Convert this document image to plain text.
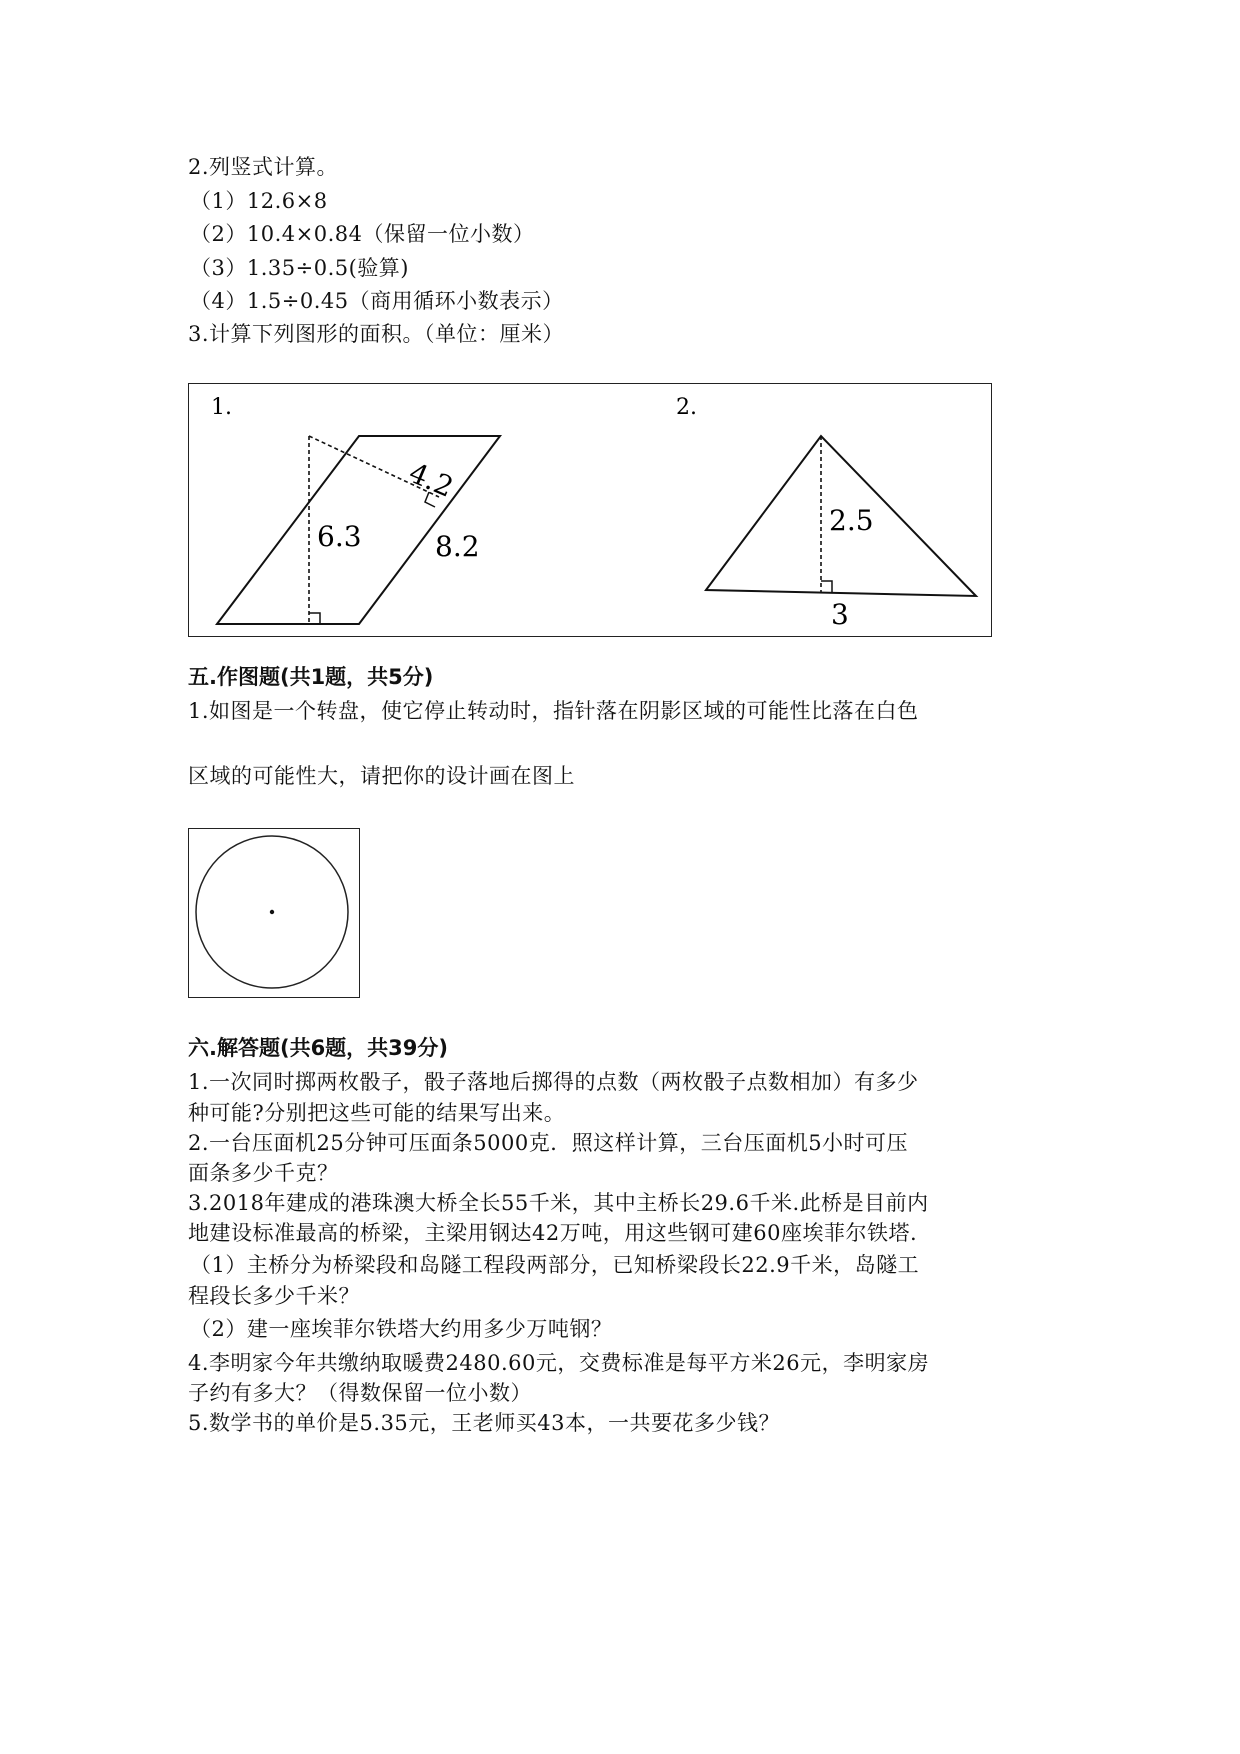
2.列竖式计算。
（1）12.6×8
（2）10.4×0.84（保留一位小数）
（3）1.35÷0.5(验算)
（4）1.5÷0.45（商用循环小数表示）
3.计算下列图形的面积。（单位：厘米）
1.
6.3	8.2
4.2
2.
2.5
3
五.作图题(共1题，共5分)
1.如图是一个转盘，使它停止转动时，指针落在阴影区域的可能性比落在白色
区域的可能性大，请把你的设计画在图上
六.解答题(共6题，共39分)
1.一次同时掷两枚骰子，骰子落地后掷得的点数（两枚骰子点数相加）有多少
种可能?分别把这些可能的结果写出来。
2.一台压面机25分钟可压面条5000克．照这样计算，三台压面机5小时可压
面条多少千克？
3.2018年建成的港珠澳大桥全长55千米，其中主桥长29.6千米.此桥是目前内
地建设标准最高的桥梁，主梁用钢达42万吨，用这些钢可建60座埃菲尔铁塔.
（1）主桥分为桥梁段和岛隧工程段两部分，已知桥梁段长22.9千米，岛隧工
程段长多少千米？
（2）建一座埃菲尔铁塔大约用多少万吨钢？
4.李明家今年共缴纳取暖费2480.60元，交费标准是每平方米26元，李明家房
子约有多大？（得数保留一位小数）
5.数学书的单价是5.35元，王老师买43本，一共要花多少钱？
